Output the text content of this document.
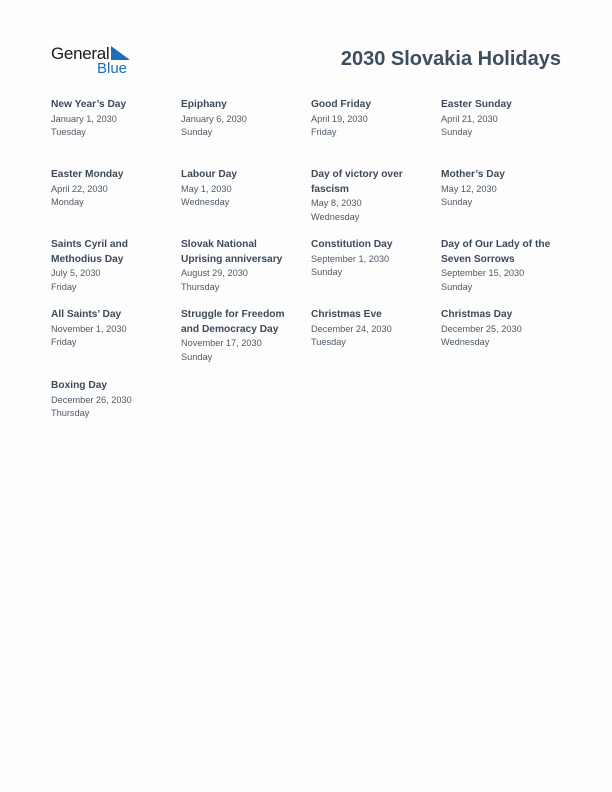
General
Blue	2030 Slovakia Holidays
New Year’s Day
January 1, 2030
Tuesday
Epiphany
January 6, 2030
Sunday
Good Friday
April 19, 2030
Friday
Easter Sunday
April 21, 2030
Sunday
Easter Monday
April 22, 2030
Monday
Labour Day
May 1, 2030
Wednesday
Day of victory over fascism
May 8, 2030
Wednesday
Mother’s Day
May 12, 2030
Sunday
Saints Cyril and Methodius Day
July 5, 2030
Friday
Slovak National Uprising anniversary
August 29, 2030
Thursday
Constitution Day
September 1, 2030
Sunday
Day of Our Lady of the Seven Sorrows
September 15, 2030
Sunday
All Saints’ Day
November 1, 2030
Friday
Struggle for Freedom and Democracy Day
November 17, 2030
Sunday
Christmas Eve
December 24, 2030
Tuesday
Christmas Day
December 25, 2030
Wednesday
Boxing Day
December 26, 2030
Thursday
